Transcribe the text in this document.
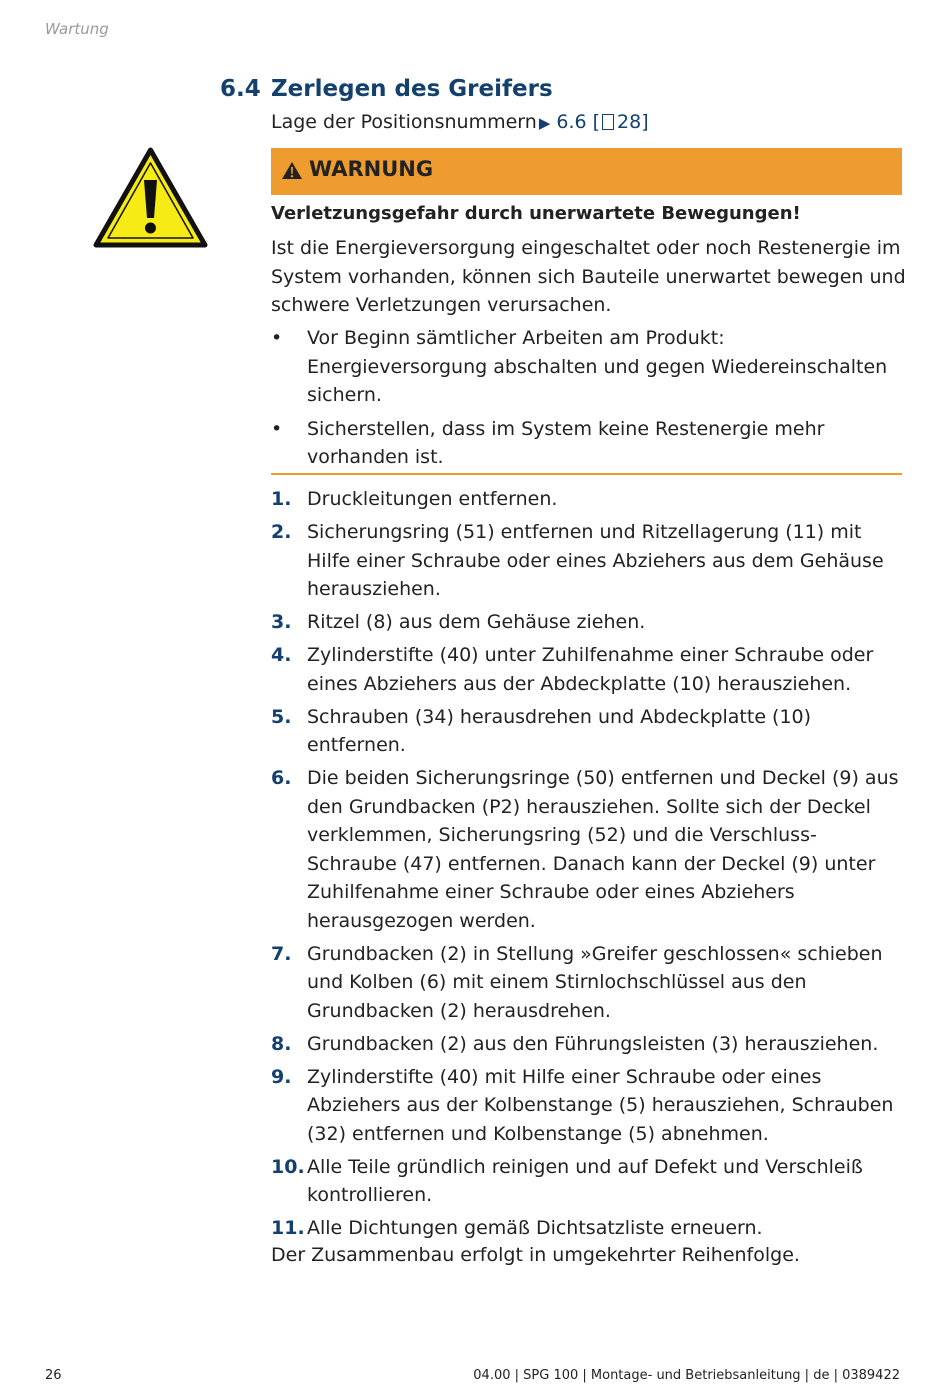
Wartung
6.4 Zerlegen des Greifers
Lage der Positionsnummern ▶ 6.6 [ 28]
WARNUNG
Verletzungsgefahr durch unerwartete Bewegungen!
Ist die Energieversorgung eingeschaltet oder noch Restenergie im System vorhanden, können sich Bauteile unerwartet bewegen und schwere Verletzungen verursachen.
• Vor Beginn sämtlicher Arbeiten am Produkt: Energieversorgung abschalten und gegen Wiedereinschalten sichern.
• Sicherstellen, dass im System keine Restenergie mehr vorhanden ist.
1. Druckleitungen entfernen.
2. Sicherungsring (51) entfernen und Ritzellagerung (11) mit Hilfe einer Schraube oder eines Abziehers aus dem Gehäuse herausziehen.
3. Ritzel (8) aus dem Gehäuse ziehen.
4. Zylinderstifte (40) unter Zuhilfenahme einer Schraube oder eines Abziehers aus der Abdeckplatte (10) herausziehen.
5. Schrauben (34) herausdrehen und Abdeckplatte (10) entfernen.
6. Die beiden Sicherungsringe (50) entfernen und Deckel (9) aus den Grundbacken (P2) herausziehen. Sollte sich der Deckel verklemmen, Sicherungsring (52) und die Verschluss-Schraube (47) entfernen. Danach kann der Deckel (9) unter Zuhilfenahme einer Schraube oder eines Abziehers herausgezogen werden.
7. Grundbacken (2) in Stellung »Greifer geschlossen« schieben und Kolben (6) mit einem Stirnlochschlüssel aus den Grundbacken (2) herausdrehen.
8. Grundbacken (2) aus den Führungsleisten (3) herausziehen.
9. Zylinderstifte (40) mit Hilfe einer Schraube oder eines Abziehers aus der Kolbenstange (5) herausziehen, Schrauben (32) entfernen und Kolbenstange (5) abnehmen.
10. Alle Teile gründlich reinigen und auf Defekt und Verschleiß kontrollieren.
11. Alle Dichtungen gemäß Dichtsatzliste erneuern.
Der Zusammenbau erfolgt in umgekehrter Reihenfolge.
26	04.00 | SPG 100 | Montage- und Betriebsanleitung | de | 0389422
